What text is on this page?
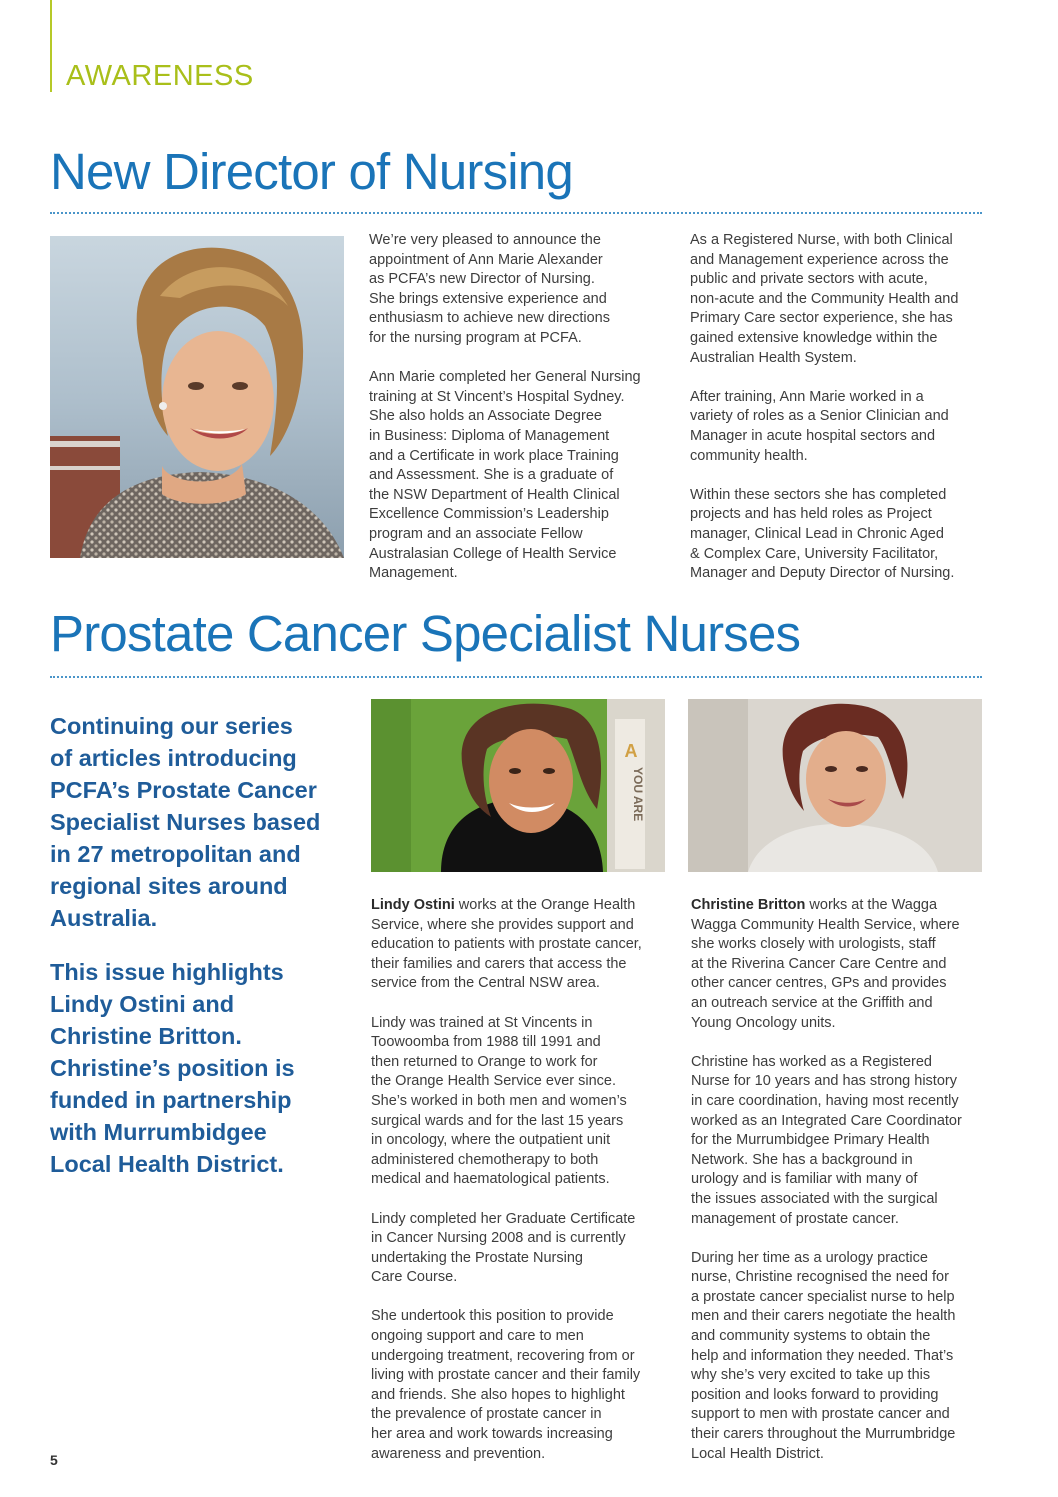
AWARENESS
New Director of Nursing

We’re very pleased to announce the
appointment of Ann Marie Alexander
as PCFA’s new Director of Nursing.
She brings extensive experience and
enthusiasm to achieve new directions
for the nursing program at PCFA.

Ann Marie completed her General Nursing
training at St Vincent’s Hospital Sydney.
She also holds an Associate Degree
in Business: Diploma of Management
and a Certificate in work place Training
and Assessment. She is a graduate of
the NSW Department of Health Clinical
Excellence Commission’s Leadership
program and an associate Fellow
Australasian College of Health Service
Management.

As a Registered Nurse, with both Clinical
and Management experience across the
public and private sectors with acute,
non-acute and the Community Health and
Primary Care sector experience, she has
gained extensive knowledge within the
Australian Health System.

After training, Ann Marie worked in a
variety of roles as a Senior Clinician and
Manager in acute hospital sectors and
community health.

Within these sectors she has completed
projects and has held roles as Project
manager, Clinical Lead in Chronic Aged
& Complex Care, University Facilitator,
Manager and Deputy Director of Nursing.

Prostate Cancer Specialist Nurses

Continuing our series
of articles introducing
PCFA’s Prostate Cancer
Specialist Nurses based
in 27 metropolitan and
regional sites around
Australia.

This issue highlights
Lindy Ostini and
Christine Britton.
Christine’s position is
funded in partnership
with Murrumbidgee
Local Health District.

A
YOU ARE

Lindy Ostini works at the Orange Health
Service, where she provides support and
education to patients with prostate cancer,
their families and carers that access the
service from the Central NSW area.

Lindy was trained at St Vincents in
Toowoomba from 1988 till 1991 and
then returned to Orange to work for
the Orange Health Service ever since.
She’s worked in both men and women’s
surgical wards and for the last 15 years
in oncology, where the outpatient unit
administered chemotherapy to both
medical and haematological patients.

Lindy completed her Graduate Certificate
in Cancer Nursing 2008 and is currently
undertaking the Prostate Nursing
Care Course.

She undertook this position to provide
ongoing support and care to men
undergoing treatment, recovering from or
living with prostate cancer and their family
and friends. She also hopes to highlight
the prevalence of prostate cancer in
her area and work towards increasing
awareness and prevention.

Christine Britton works at the Wagga
Wagga Community Health Service, where
she works closely with urologists, staff
at the Riverina Cancer Care Centre and
other cancer centres, GPs and provides
an outreach service at the Griffith and
Young Oncology units.

Christine has worked as a Registered
Nurse for 10 years and has strong history
in care coordination, having most recently
worked as an Integrated Care Coordinator
for the Murrumbidgee Primary Health
Network. She has a background in
urology and is familiar with many of
the issues associated with the surgical
management of prostate cancer.

During her time as a urology practice
nurse, Christine recognised the need for
a prostate cancer specialist nurse to help
men and their carers negotiate the health
and community systems to obtain the
help and information they needed. That’s
why she’s very excited to take up this
position and looks forward to providing
support to men with prostate cancer and
their carers throughout the Murrumbridge
Local Health District.

5
